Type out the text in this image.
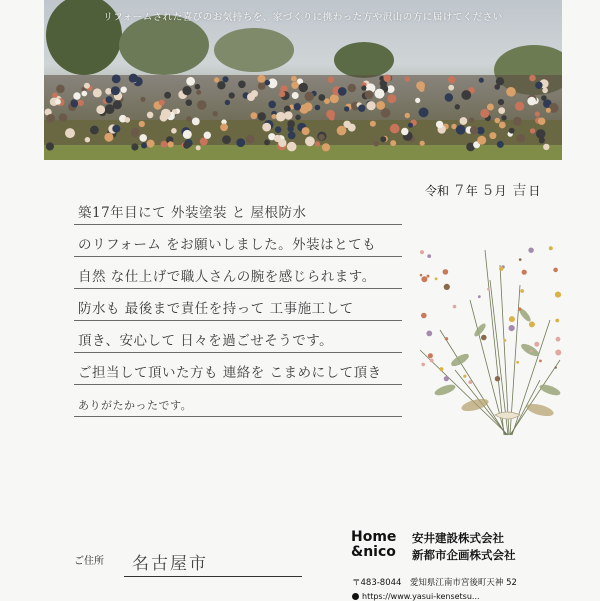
リフォームされた喜びのお気持ちを、家づくりに携わった方や沢山の方に届けてください
令和 7 年 5 月 吉 日
築17年目にて 外装塗装 と 屋根防水
のリフォーム をお願いしました。外装はとても
自然 な仕上げで職人さんの腕を感じられます。
防水も 最後まで責任を持って 工事施工して
頂き、安心して 日々を過ごせそうです。
ご担当して頂いた方も 連絡を こまめにして頂き
ありがたかったです。
ご住所 名古屋市
Home
&nico
安井建設株式会社
新都市企画株式会社
〒483-8044　愛知県江南市宮後町天神 52
https://www.yasui-kensetsu...
